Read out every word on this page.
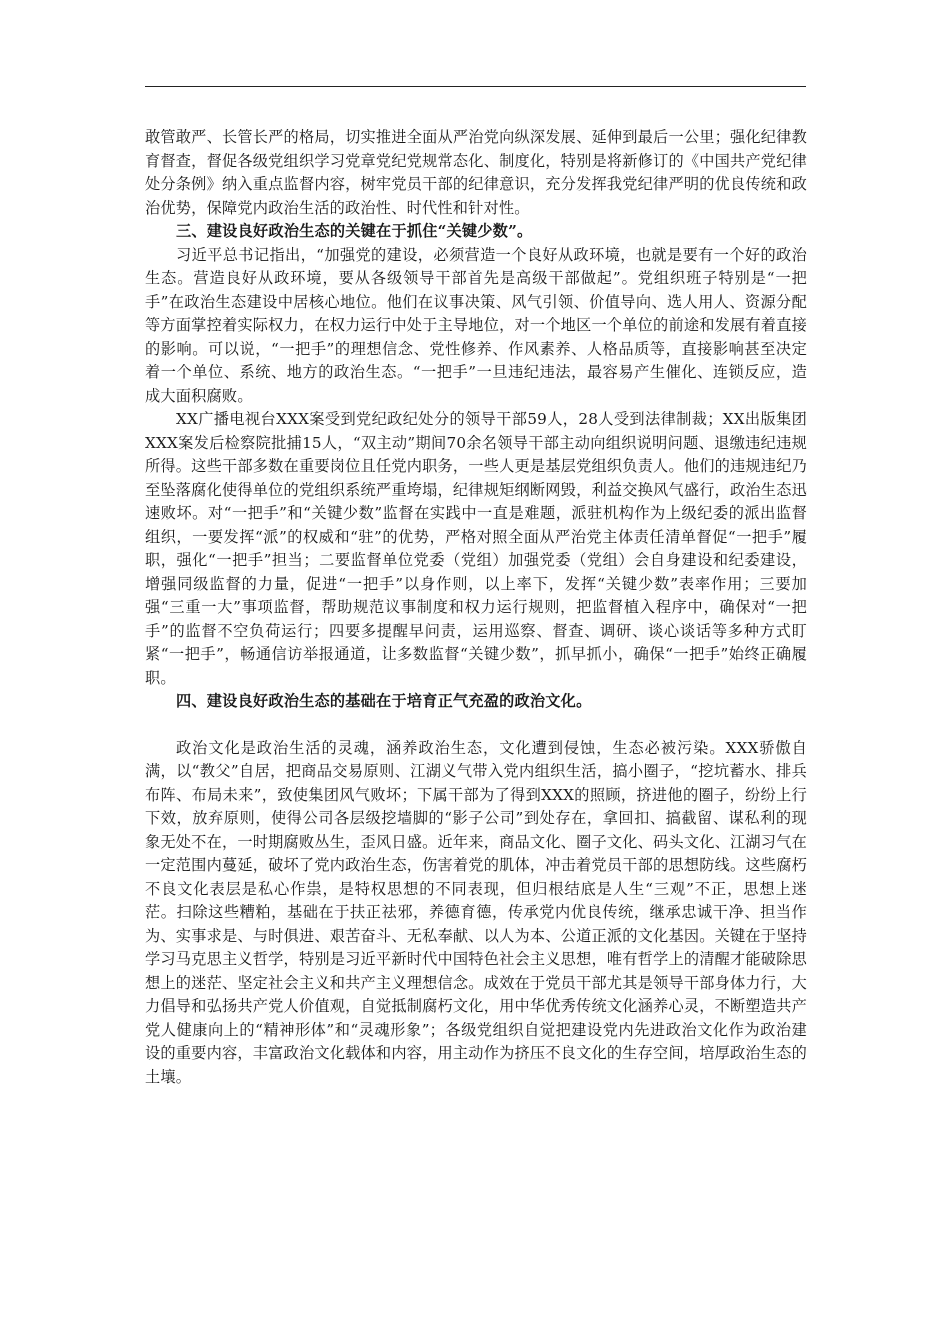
敢管敢严、长管长严的格局，切实推进全面从严治党向纵深发展、延伸到最后一公里；强化纪律教育督查，督促各级党组织学习党章党纪党规常态化、制度化，特别是将新修订的《中国共产党纪律处分条例》纳入重点监督内容，树牢党员干部的纪律意识，充分发挥我党纪律严明的优良传统和政治优势，保障党内政治生活的政治性、时代性和针对性。

三、建设良好政治生态的关键在于抓住“关键少数”。

习近平总书记指出，“加强党的建设，必须营造一个良好从政环境，也就是要有一个好的政治生态。营造良好从政环境，要从各级领导干部首先是高级干部做起”。党组织班子特别是“一把手”在政治生态建设中居核心地位。他们在议事决策、风气引领、价值导向、选人用人、资源分配等方面掌控着实际权力，在权力运行中处于主导地位，对一个地区一个单位的前途和发展有着直接的影响。可以说，“一把手”的理想信念、党性修养、作风素养、人格品质等，直接影响甚至决定着一个单位、系统、地方的政治生态。“一把手”一旦违纪违法，最容易产生催化、连锁反应，造成大面积腐败。

XX广播电视台XXX案受到党纪政纪处分的领导干部59人，28人受到法律制裁；XX出版集团XXX案发后检察院批捕15人，“双主动”期间70余名领导干部主动向组织说明问题、退缴违纪违规所得。这些干部多数在重要岗位且任党内职务，一些人更是基层党组织负责人。他们的违规违纪乃至坠落腐化使得单位的党组织系统严重垮塌，纪律规矩纲断网毁，利益交换风气盛行，政治生态迅速败坏。对“一把手”和“关键少数”监督在实践中一直是难题，派驻机构作为上级纪委的派出监督组织，一要发挥“派”的权威和“驻”的优势，严格对照全面从严治党主体责任清单督促“一把手”履职，强化“一把手”担当；二要监督单位党委（党组）加强党委（党组）会自身建设和纪委建设，增强同级监督的力量，促进“一把手”以身作则，以上率下，发挥“关键少数”表率作用；三要加强“三重一大”事项监督，帮助规范议事制度和权力运行规则，把监督植入程序中，确保对“一把手”的监督不空负荷运行；四要多提醒早问责，运用巡察、督查、调研、谈心谈话等多种方式盯紧“一把手”，畅通信访举报通道，让多数监督“关键少数”，抓早抓小，确保“一把手”始终正确履职。

四、建设良好政治生态的基础在于培育正气充盈的政治文化。

政治文化是政治生活的灵魂，涵养政治生态，文化遭到侵蚀，生态必被污染。XXX骄傲自满，以“教父”自居，把商品交易原则、江湖义气带入党内组织生活，搞小圈子，“挖坑蓄水、排兵布阵、布局未来”，致使集团风气败坏；下属干部为了得到XXX的照顾，挤进他的圈子，纷纷上行下效，放弃原则，使得公司各层级挖墙脚的“影子公司”到处存在，拿回扣、搞截留、谋私利的现象无处不在，一时期腐败丛生，歪风日盛。近年来，商品文化、圈子文化、码头文化、江湖习气在一定范围内蔓延，破坏了党内政治生态，伤害着党的肌体，冲击着党员干部的思想防线。这些腐朽不良文化表层是私心作祟，是特权思想的不同表现，但归根结底是人生“三观”不正，思想上迷茫。扫除这些糟粕，基础在于扶正祛邪，养德育德，传承党内优良传统，继承忠诚干净、担当作为、实事求是、与时俱进、艰苦奋斗、无私奉献、以人为本、公道正派的文化基因。关键在于坚持学习马克思主义哲学，特别是习近平新时代中国特色社会主义思想，唯有哲学上的清醒才能破除思想上的迷茫、坚定社会主义和共产主义理想信念。成效在于党员干部尤其是领导干部身体力行，大力倡导和弘扬共产党人价值观，自觉抵制腐朽文化，用中华优秀传统文化涵养心灵，不断塑造共产党人健康向上的“精神形体”和“灵魂形象”；各级党组织自觉把建设党内先进政治文化作为政治建设的重要内容，丰富政治文化载体和内容，用主动作为挤压不良文化的生存空间，培厚政治生态的土壤。
